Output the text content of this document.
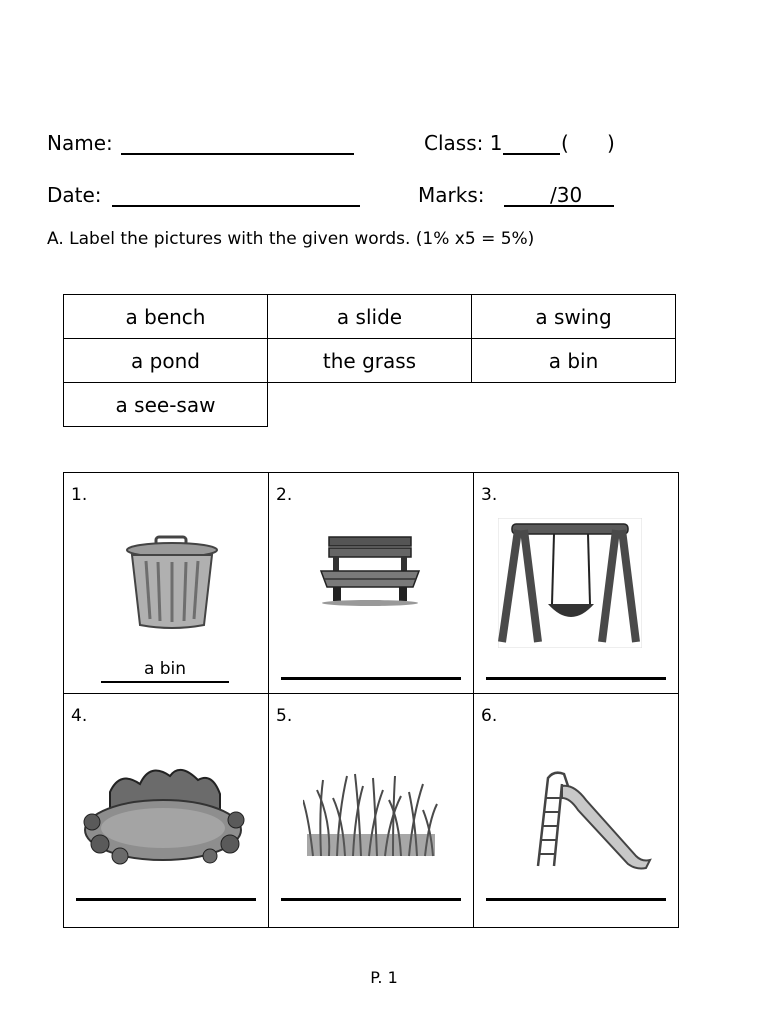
Name:	Class: 1	( )
Date:	Marks:	/30
A. Label the pictures with the given words. (1% x5 = 5%)
a bench	a slide	a swing
a pond	the grass	a bin
a see-saw		
1.
a bin
2.	3.
4.	5.	6.
P. 1
